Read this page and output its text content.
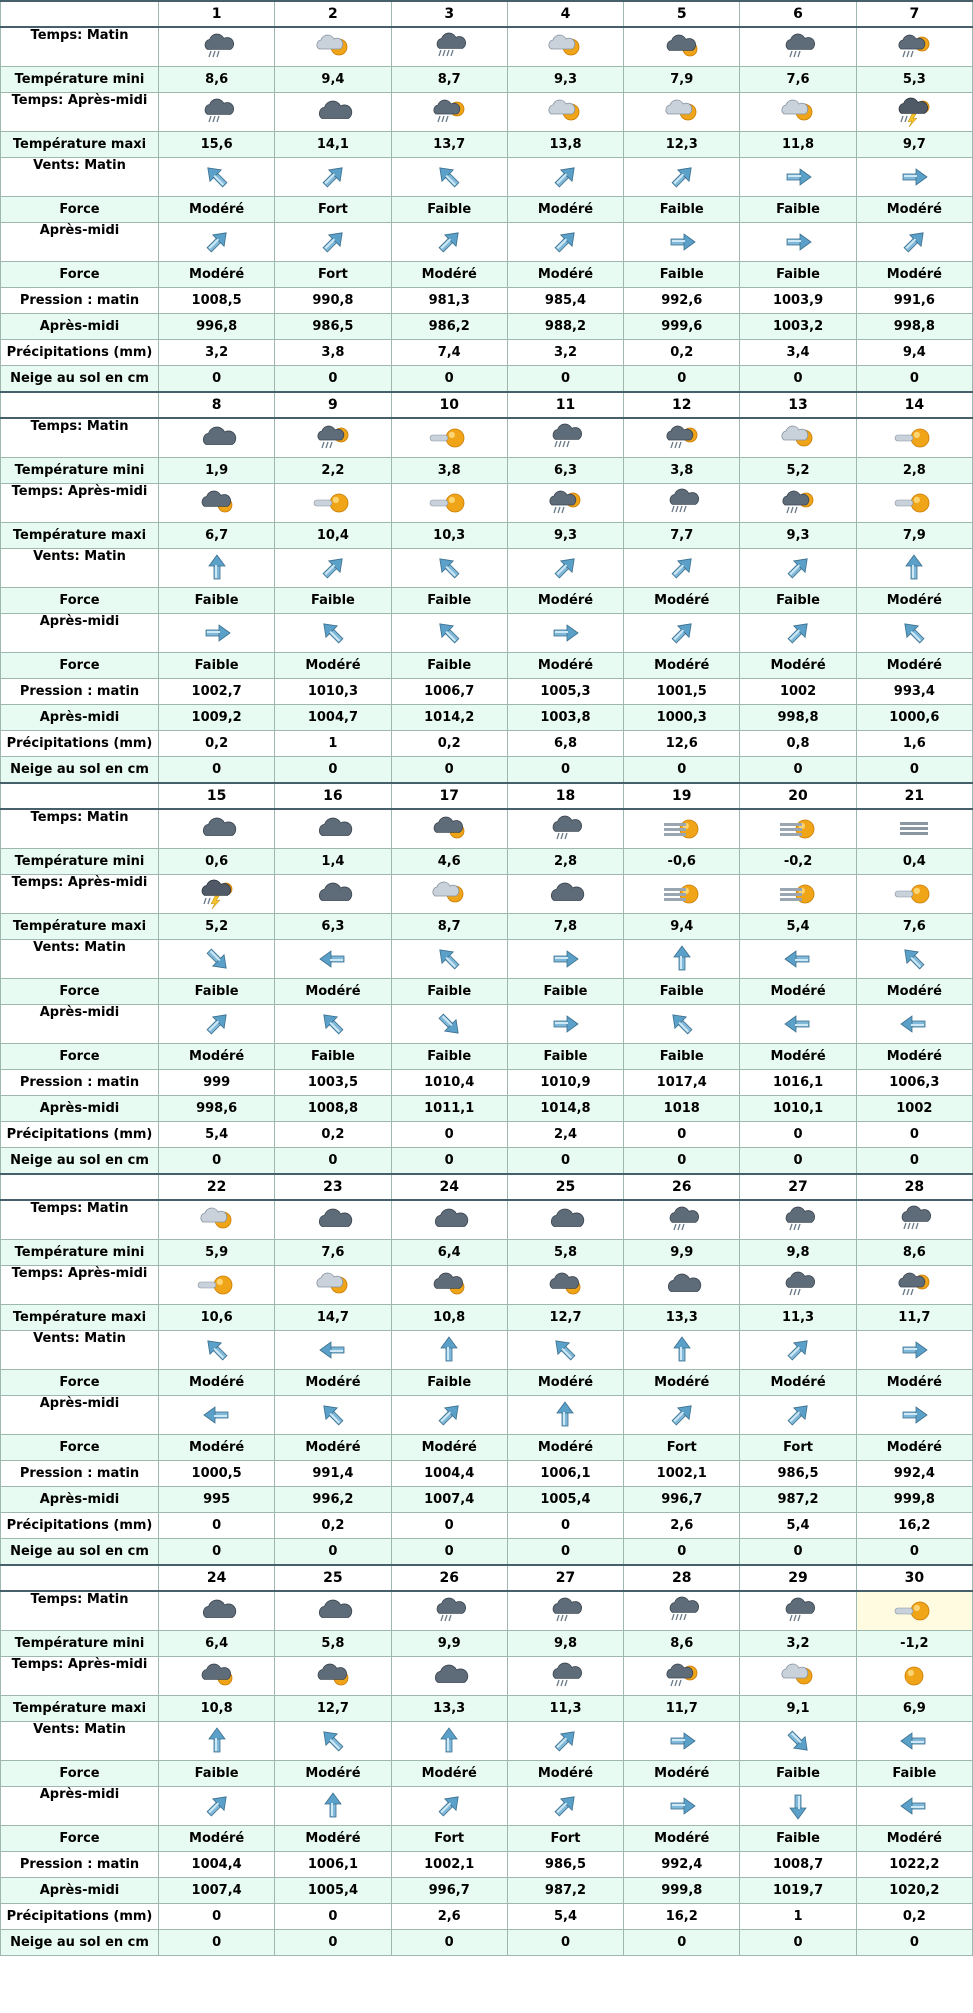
	1	2	3	4	5	6	7
Temps: Matin	

Température mini	8,6	9,4	8,7	9,3	7,9	7,6	5,3
Temps: Après-midi	

Température maxi	15,6	14,1	13,7	13,8	12,3	11,8	9,7
Vents: Matin	

Force	Modéré	Fort	Faible	Modéré	Faible	Faible	Modéré
Après-midi	

Force	Modéré	Fort	Modéré	Modéré	Faible	Faible	Modéré
Pression : matin	1008,5	990,8	981,3	985,4	992,6	1003,9	991,6
Après-midi	996,8	986,5	986,2	988,2	999,6	1003,2	998,8
Précipitations (mm)	3,2	3,8	7,4	3,2	0,2	3,4	9,4
Neige au sol en cm	0	0	0	0	0	0	0
	8	9	10	11	12	13	14
Temps: Matin	

Température mini	1,9	2,2	3,8	6,3	3,8	5,2	2,8
Temps: Après-midi	

Température maxi	6,7	10,4	10,3	9,3	7,7	9,3	7,9
Vents: Matin	

Force	Faible	Faible	Faible	Modéré	Modéré	Faible	Modéré
Après-midi	

Force	Faible	Modéré	Faible	Modéré	Modéré	Modéré	Modéré
Pression : matin	1002,7	1010,3	1006,7	1005,3	1001,5	1002	993,4
Après-midi	1009,2	1004,7	1014,2	1003,8	1000,3	998,8	1000,6
Précipitations (mm)	0,2	1	0,2	6,8	12,6	0,8	1,6
Neige au sol en cm	0	0	0	0	0	0	0
	15	16	17	18	19	20	21
Temps: Matin	

Température mini	0,6	1,4	4,6	2,8	-0,6	-0,2	0,4
Temps: Après-midi	

Température maxi	5,2	6,3	8,7	7,8	9,4	5,4	7,6
Vents: Matin	

Force	Faible	Modéré	Faible	Faible	Faible	Modéré	Modéré
Après-midi	

Force	Modéré	Faible	Faible	Faible	Faible	Modéré	Modéré
Pression : matin	999	1003,5	1010,4	1010,9	1017,4	1016,1	1006,3
Après-midi	998,6	1008,8	1011,1	1014,8	1018	1010,1	1002
Précipitations (mm)	5,4	0,2	0	2,4	0	0	0
Neige au sol en cm	0	0	0	0	0	0	0
	22	23	24	25	26	27	28
Temps: Matin	

Température mini	5,9	7,6	6,4	5,8	9,9	9,8	8,6
Temps: Après-midi	

Température maxi	10,6	14,7	10,8	12,7	13,3	11,3	11,7
Vents: Matin	

Force	Modéré	Modéré	Faible	Modéré	Modéré	Modéré	Modéré
Après-midi	

Force	Modéré	Modéré	Modéré	Modéré	Fort	Fort	Modéré
Pression : matin	1000,5	991,4	1004,4	1006,1	1002,1	986,5	992,4
Après-midi	995	996,2	1007,4	1005,4	996,7	987,2	999,8
Précipitations (mm)	0	0,2	0	0	2,6	5,4	16,2
Neige au sol en cm	0	0	0	0	0	0	0
	24	25	26	27	28	29	30
Temps: Matin	

Température mini	6,4	5,8	9,9	9,8	8,6	3,2	-1,2
Temps: Après-midi	

Température maxi	10,8	12,7	13,3	11,3	11,7	9,1	6,9
Vents: Matin	

Force	Faible	Modéré	Modéré	Modéré	Modéré	Faible	Faible
Après-midi	

Force	Modéré	Modéré	Fort	Fort	Modéré	Faible	Modéré
Pression : matin	1004,4	1006,1	1002,1	986,5	992,4	1008,7	1022,2
Après-midi	1007,4	1005,4	996,7	987,2	999,8	1019,7	1020,2
Précipitations (mm)	0	0	2,6	5,4	16,2	1	0,2
Neige au sol en cm	0	0	0	0	0	0	0
